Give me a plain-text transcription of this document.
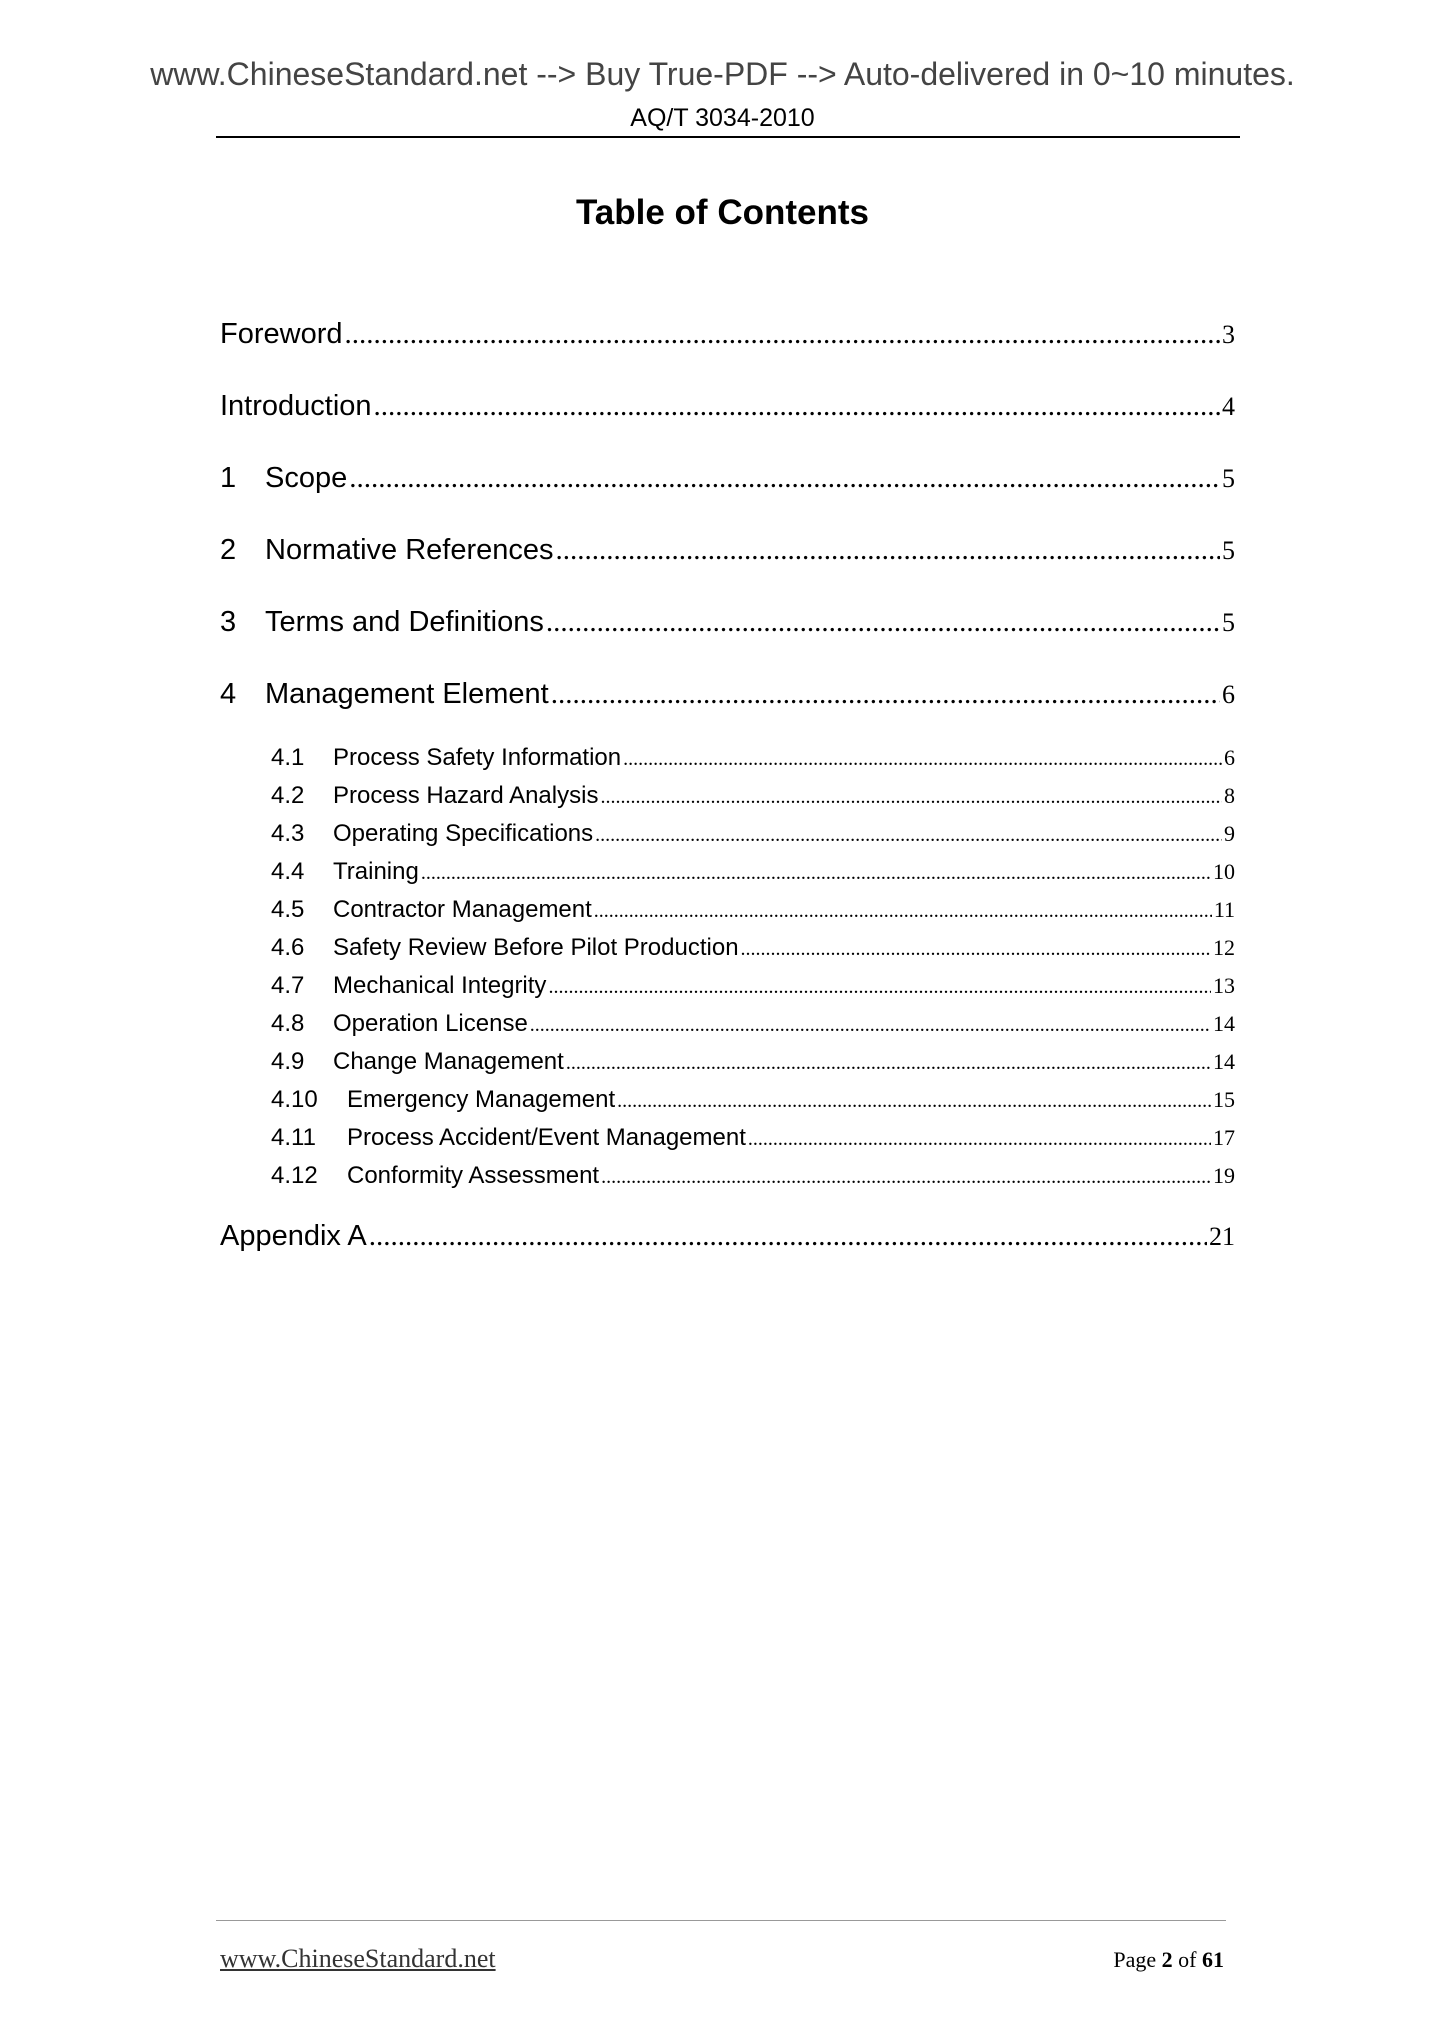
www.ChineseStandard.net --> Buy True-PDF --> Auto-delivered in 0~10 minutes.
AQ/T 3034-2010
Table of Contents
Foreword .....	3
Introduction .....	4
1 Scope .....	5
2 Normative References .....	5
3 Terms and Definitions .....	5
4 Management Element .....	6
4.1	Process Safety Information .....	6
4.2	Process Hazard Analysis .....	8
4.3	Operating Specifications .....	9
4.4	Training .....	10
4.5	Contractor Management .....	11
4.6	Safety Review Before Pilot Production .....	12
4.7	Mechanical Integrity .....	13
4.8	Operation License .....	14
4.9	Change Management .....	14
4.10	Emergency Management .....	15
4.11	Process Accident/Event Management .....	17
4.12	Conformity Assessment .....	19
Appendix A .....	21
www.ChineseStandard.net	Page 2 of 61
